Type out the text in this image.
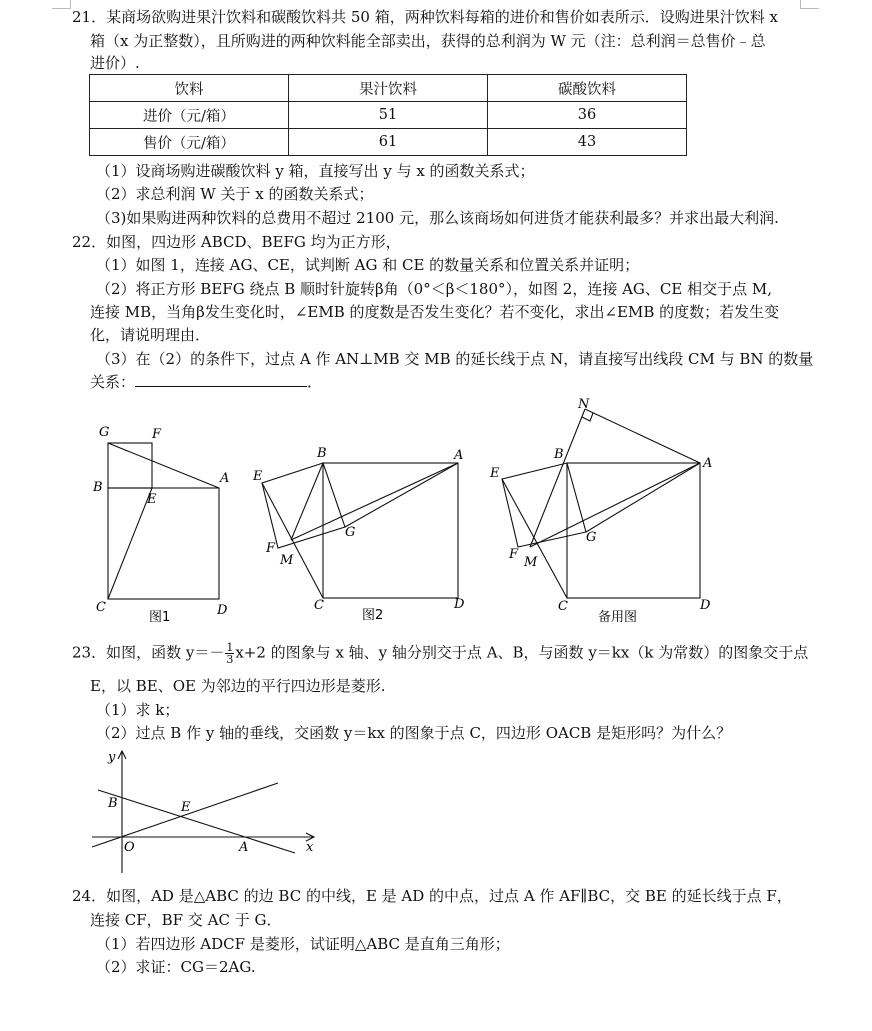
21．某商场欲购进果汁饮料和碳酸饮料共 50 箱，两种饮料每箱的进价和售价如表所示．设购进果汁饮料 x
箱（x 为正整数），且所购进的两种饮料能全部卖出，获得的总利润为 W 元（注：总利润＝总售价﹣总
进价）.
饮料	果汁饮料	碳酸饮料
进价（元/箱）	51	36
售价（元/箱）	61	43
（1）设商场购进碳酸饮料 y 箱，直接写出 y 与 x 的函数关系式；
（2）求总利润 W 关于 x 的函数关系式；
（3)如果购进两种饮料的总费用不超过 2100 元，那么该商场如何进货才能获利最多？并求出最大利润.
22．如图，四边形 ABCD、BEFG 均为正方形，
（1）如图 1，连接 AG、CE，试判断 AG 和 CE 的数量关系和位置关系并证明；
（2）将正方形 BEFG 绕点 B 顺时针旋转β角（0°＜β＜180°），如图 2，连接 AG、CE 相交于点 M,
连接 MB，当角β发生变化时，∠EMB 的度数是否发生变化？若不变化，求出∠EMB 的度数；若发生变
化，请说明理由．
（3）在（2）的条件下，过点 A 作 AN⊥MB 交 MB 的延长线于点 N，请直接写出线段 CM 与 BN 的数量
关系：	．
G	F
B
E
A
C	D
图1
B	A
E
G
F
M
C	D
图2
N
B
A
E
G
F
M
C	D
备用图
23．如图，函数 $y=- \frac{1}{3} x+2$ 的图象与 x 轴、y 轴分别交于点 A、B，与函数 y＝kx（k 为常数）的图象交于点
E，以 BE、OE 为邻边的平行四边形是菱形.
（1）求 k；
（2）过点 B 作 y 轴的垂线，交函数 y＝kx 的图象于点 C，四边形 OACB 是矩形吗？为什么？
y
x
B	E
O	A
24．如图，AD 是△ABC 的边 BC 的中线，E 是 AD 的中点，过点 A 作 AF∥BC，交 BE 的延长线于点 F，
连接 CF，BF 交 AC 于 G．
（1）若四边形 ADCF 是菱形，试证明△ABC 是直角三角形；
（2）求证：CG＝2AG.
